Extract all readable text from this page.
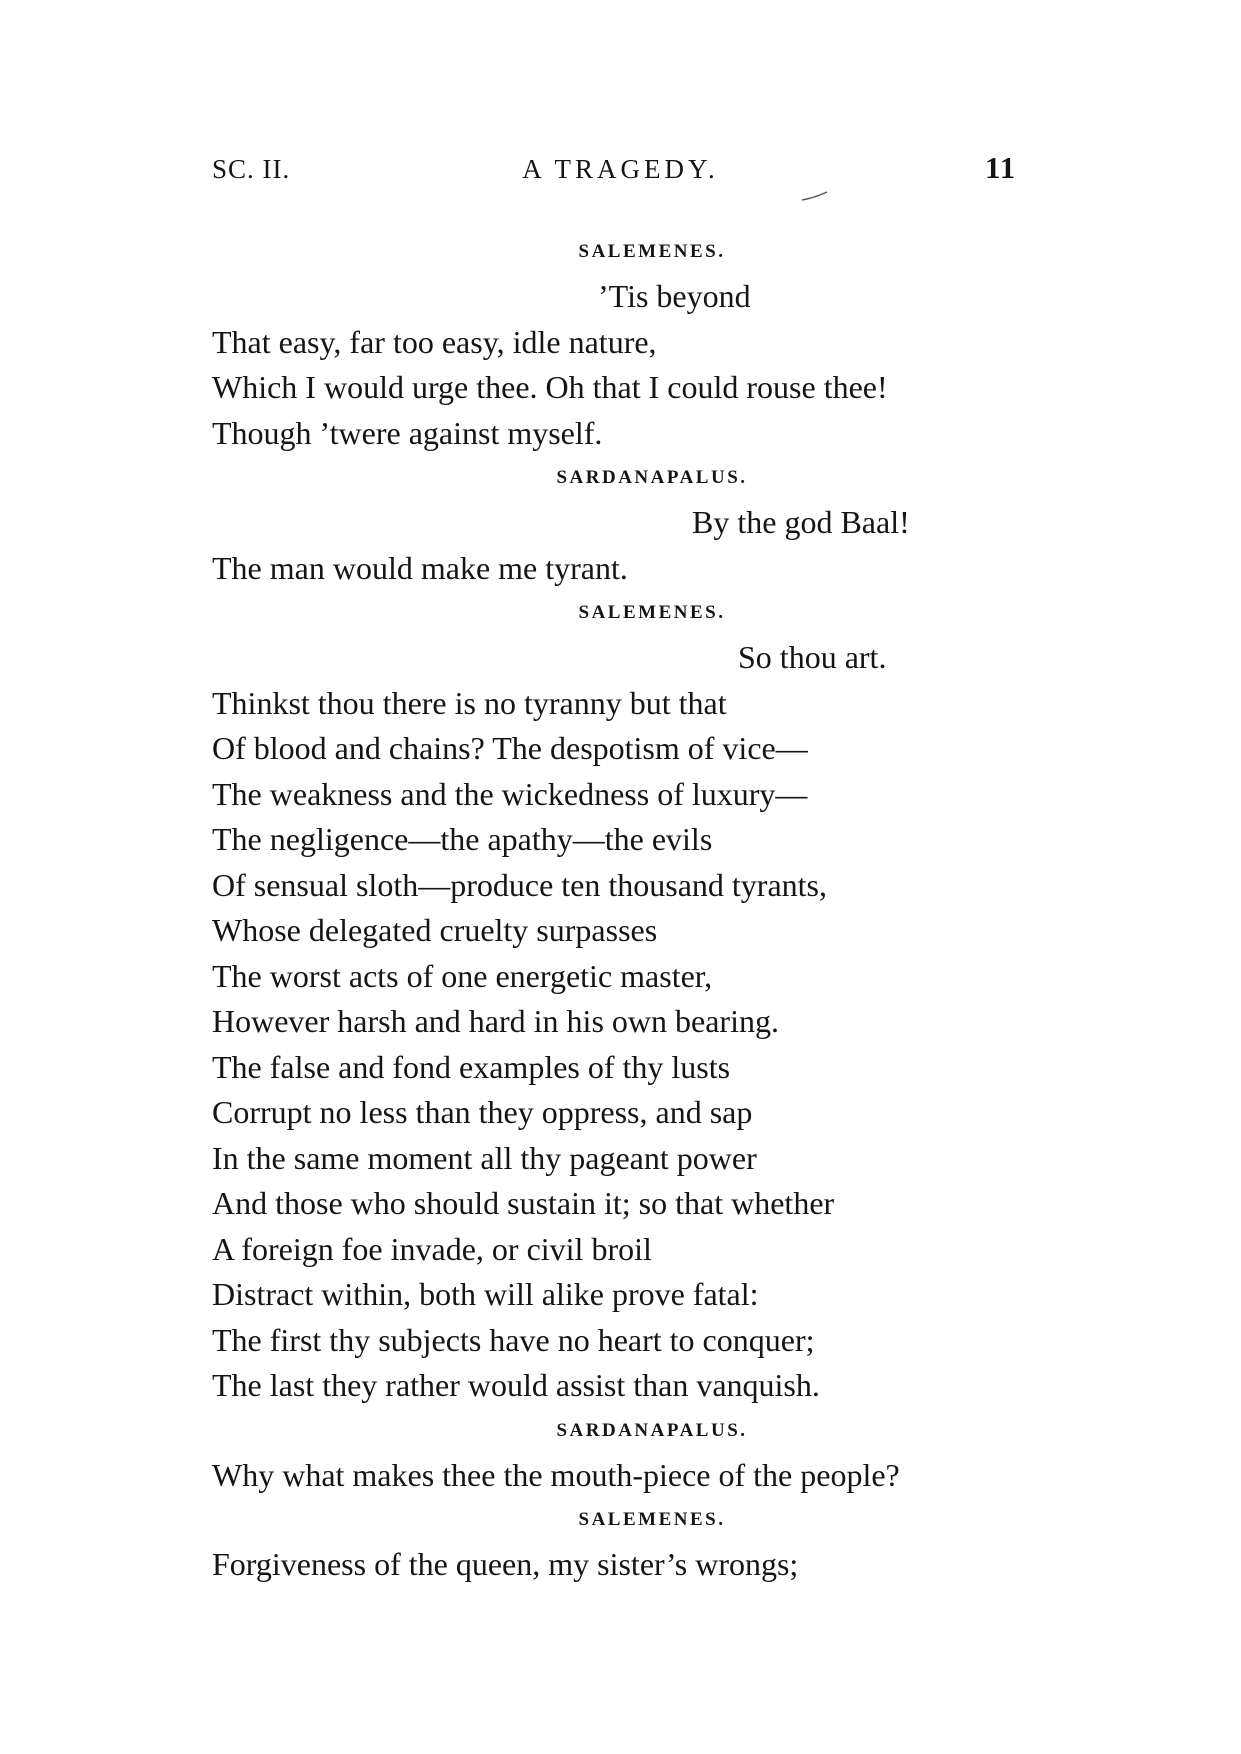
SC. II.	A TRAGEDY.	11
SALEMENES.
’Tis beyond
That easy, far too easy, idle nature,
Which I would urge thee. Oh that I could rouse thee!
Though ’twere against myself.
SARDANAPALUS.
By the god Baal!
The man would make me tyrant.
SALEMENES.
So thou art.
Thinkst thou there is no tyranny but that
Of blood and chains? The despotism of vice—
The weakness and the wickedness of luxury—
The negligence—the apathy—the evils
Of sensual sloth—produce ten thousand tyrants,
Whose delegated cruelty surpasses
The worst acts of one energetic master,
However harsh and hard in his own bearing.
The false and fond examples of thy lusts
Corrupt no less than they oppress, and sap
In the same moment all thy pageant power
And those who should sustain it; so that whether
A foreign foe invade, or civil broil
Distract within, both will alike prove fatal:
The first thy subjects have no heart to conquer;
The last they rather would assist than vanquish.
SARDANAPALUS.
Why what makes thee the mouth-piece of the people?
SALEMENES.
Forgiveness of the queen, my sister’s wrongs;
